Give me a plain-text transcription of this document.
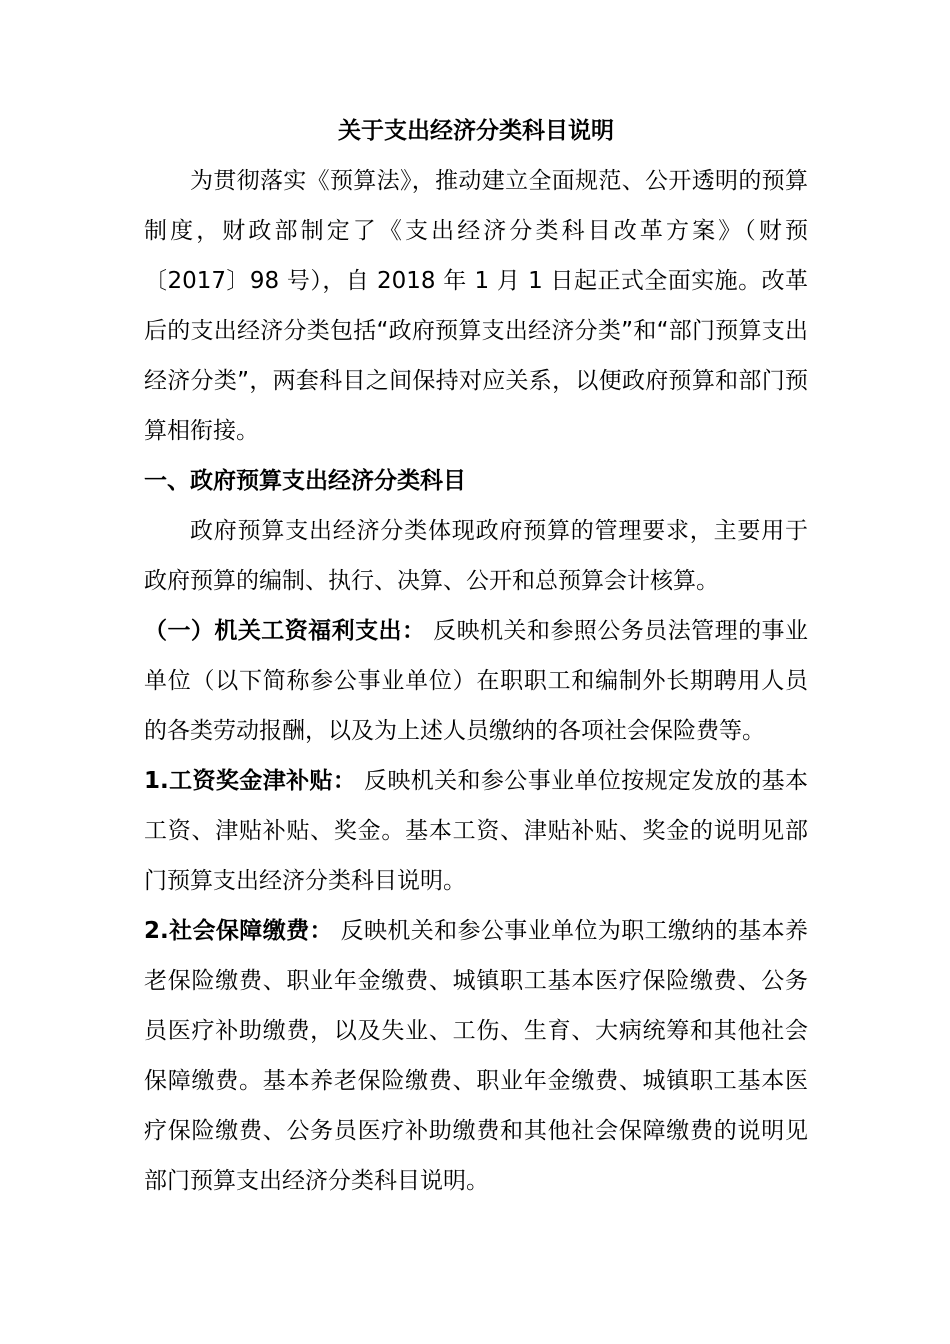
关于支出经济分类科目说明

为贯彻落实《预算法》，推动建立全面规范、公开透明的预算制度，财政部制定了《支出经济分类科目改革方案》（财预〔2017〕98 号），自 2018 年 1 月 1 日起正式全面实施。改革后的支出经济分类包括“政府预算支出经济分类”和“部门预算支出经济分类”，两套科目之间保持对应关系，以便政府预算和部门预算相衔接。

一、政府预算支出经济分类科目

政府预算支出经济分类体现政府预算的管理要求，主要用于政府预算的编制、执行、决算、公开和总预算会计核算。

（一）机关工资福利支出： 反映机关和参照公务员法管理的事业单位（以下简称参公事业单位）在职职工和编制外长期聘用人员的各类劳动报酬，以及为上述人员缴纳的各项社会保险费等。

1.工资奖金津补贴： 反映机关和参公事业单位按规定发放的基本工资、津贴补贴、奖金。基本工资、津贴补贴、奖金的说明见部门预算支出经济分类科目说明。

2.社会保障缴费： 反映机关和参公事业单位为职工缴纳的基本养老保险缴费、职业年金缴费、城镇职工基本医疗保险缴费、公务员医疗补助缴费，以及失业、工伤、生育、大病统筹和其他社会保障缴费。基本养老保险缴费、职业年金缴费、城镇职工基本医疗保险缴费、公务员医疗补助缴费和其他社会保障缴费的说明见部门预算支出经济分类科目说明。
